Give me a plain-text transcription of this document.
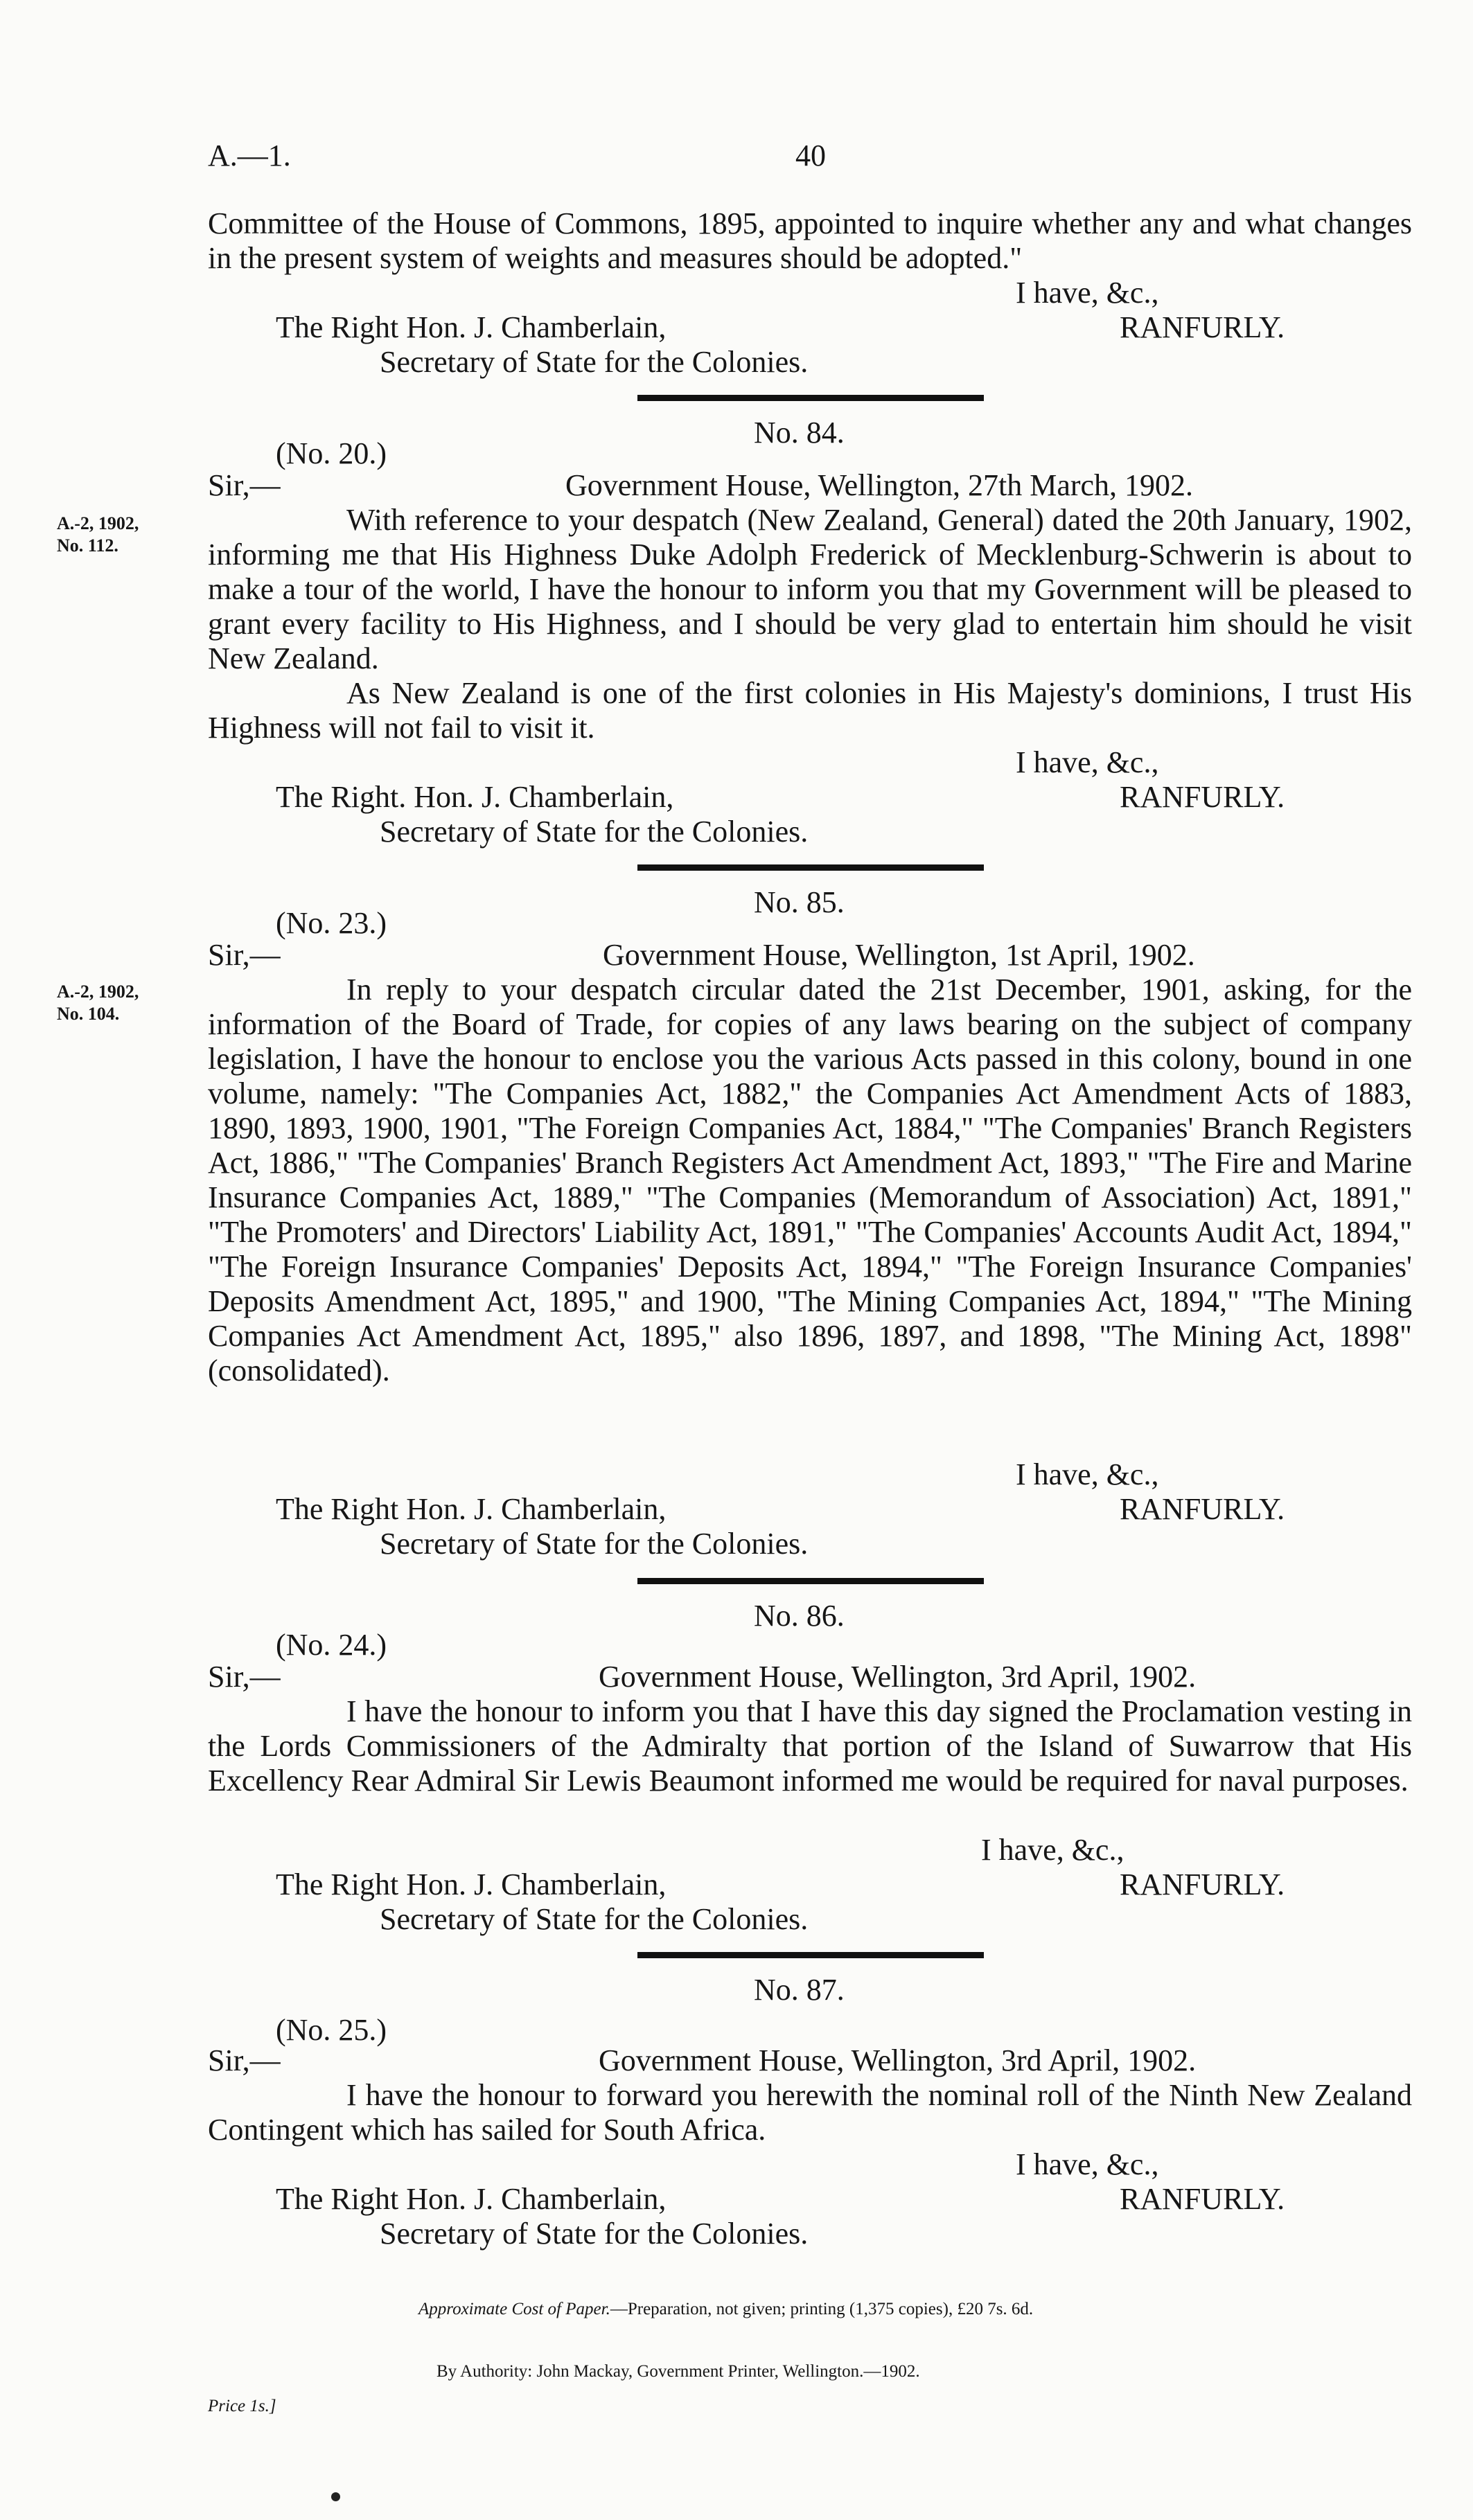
A.—1.	40
Committee of the House of Commons, 1895, appointed to inquire whether any and what changes in the present system of weights and measures should be adopted."
I have, &c.,
The Right Hon. J. Chamberlain,	RANFURLY.
Secretary of State for the Colonies.
No. 84.
(No. 20.)
Sir,—	Government House, Wellington, 27th March, 1902.
A.-2, 1902,
No. 112.
With reference to your despatch (New Zealand, General) dated the 20th January, 1902, informing me that His Highness Duke Adolph Frederick of Mecklenburg-Schwerin is about to make a tour of the world, I have the honour to inform you that my Government will be pleased to grant every facility to His Highness, and I should be very glad to entertain him should he visit New Zealand.
As New Zealand is one of the first colonies in His Majesty's dominions, I trust His Highness will not fail to visit it.
I have, &c.,
The Right. Hon. J. Chamberlain,	RANFURLY.
Secretary of State for the Colonies.
No. 85.
(No. 23.)
Sir,—	Government House, Wellington, 1st April, 1902.
A.-2, 1902,
No. 104.
In reply to your despatch circular dated the 21st December, 1901, asking, for the information of the Board of Trade, for copies of any laws bearing on the subject of company legislation, I have the honour to enclose you the various Acts passed in this colony, bound in one volume, namely: "The Companies Act, 1882," the Companies Act Amendment Acts of 1883, 1890, 1893, 1900, 1901, "The Foreign Companies Act, 1884," "The Companies' Branch Registers Act, 1886," "The Companies' Branch Registers Act Amendment Act, 1893," "The Fire and Marine Insurance Companies Act, 1889," "The Companies (Memorandum of Association) Act, 1891," "The Promoters' and Directors' Liability Act, 1891," "The Companies' Accounts Audit Act, 1894," "The Foreign Insurance Companies' Deposits Act, 1894," "The Foreign Insurance Companies' Deposits Amendment Act, 1895," and 1900, "The Mining Companies Act, 1894," "The Mining Companies Act Amendment Act, 1895," also 1896, 1897, and 1898, "The Mining Act, 1898" (consolidated).
I have, &c.,
The Right Hon. J. Chamberlain,	RANFURLY.
Secretary of State for the Colonies.
No. 86.
(No. 24.)
Sir,—	Government House, Wellington, 3rd April, 1902.
I have the honour to inform you that I have this day signed the Proclamation vesting in the Lords Commissioners of the Admiralty that portion of the Island of Suwarrow that His Excellency Rear Admiral Sir Lewis Beaumont informed me would be required for naval purposes.
I have, &c.,
The Right Hon. J. Chamberlain,	RANFURLY.
Secretary of State for the Colonies.
No. 87.
(No. 25.)
Sir,—	Government House, Wellington, 3rd April, 1902.
I have the honour to forward you herewith the nominal roll of the Ninth New Zealand Contingent which has sailed for South Africa.
I have, &c.,
The Right Hon. J. Chamberlain,	RANFURLY.
Secretary of State for the Colonies.
Approximate Cost of Paper.—Preparation, not given; printing (1,375 copies), £20 7s. 6d.
By Authority: John Mackay, Government Printer, Wellington.—1902.
Price 1s.]
